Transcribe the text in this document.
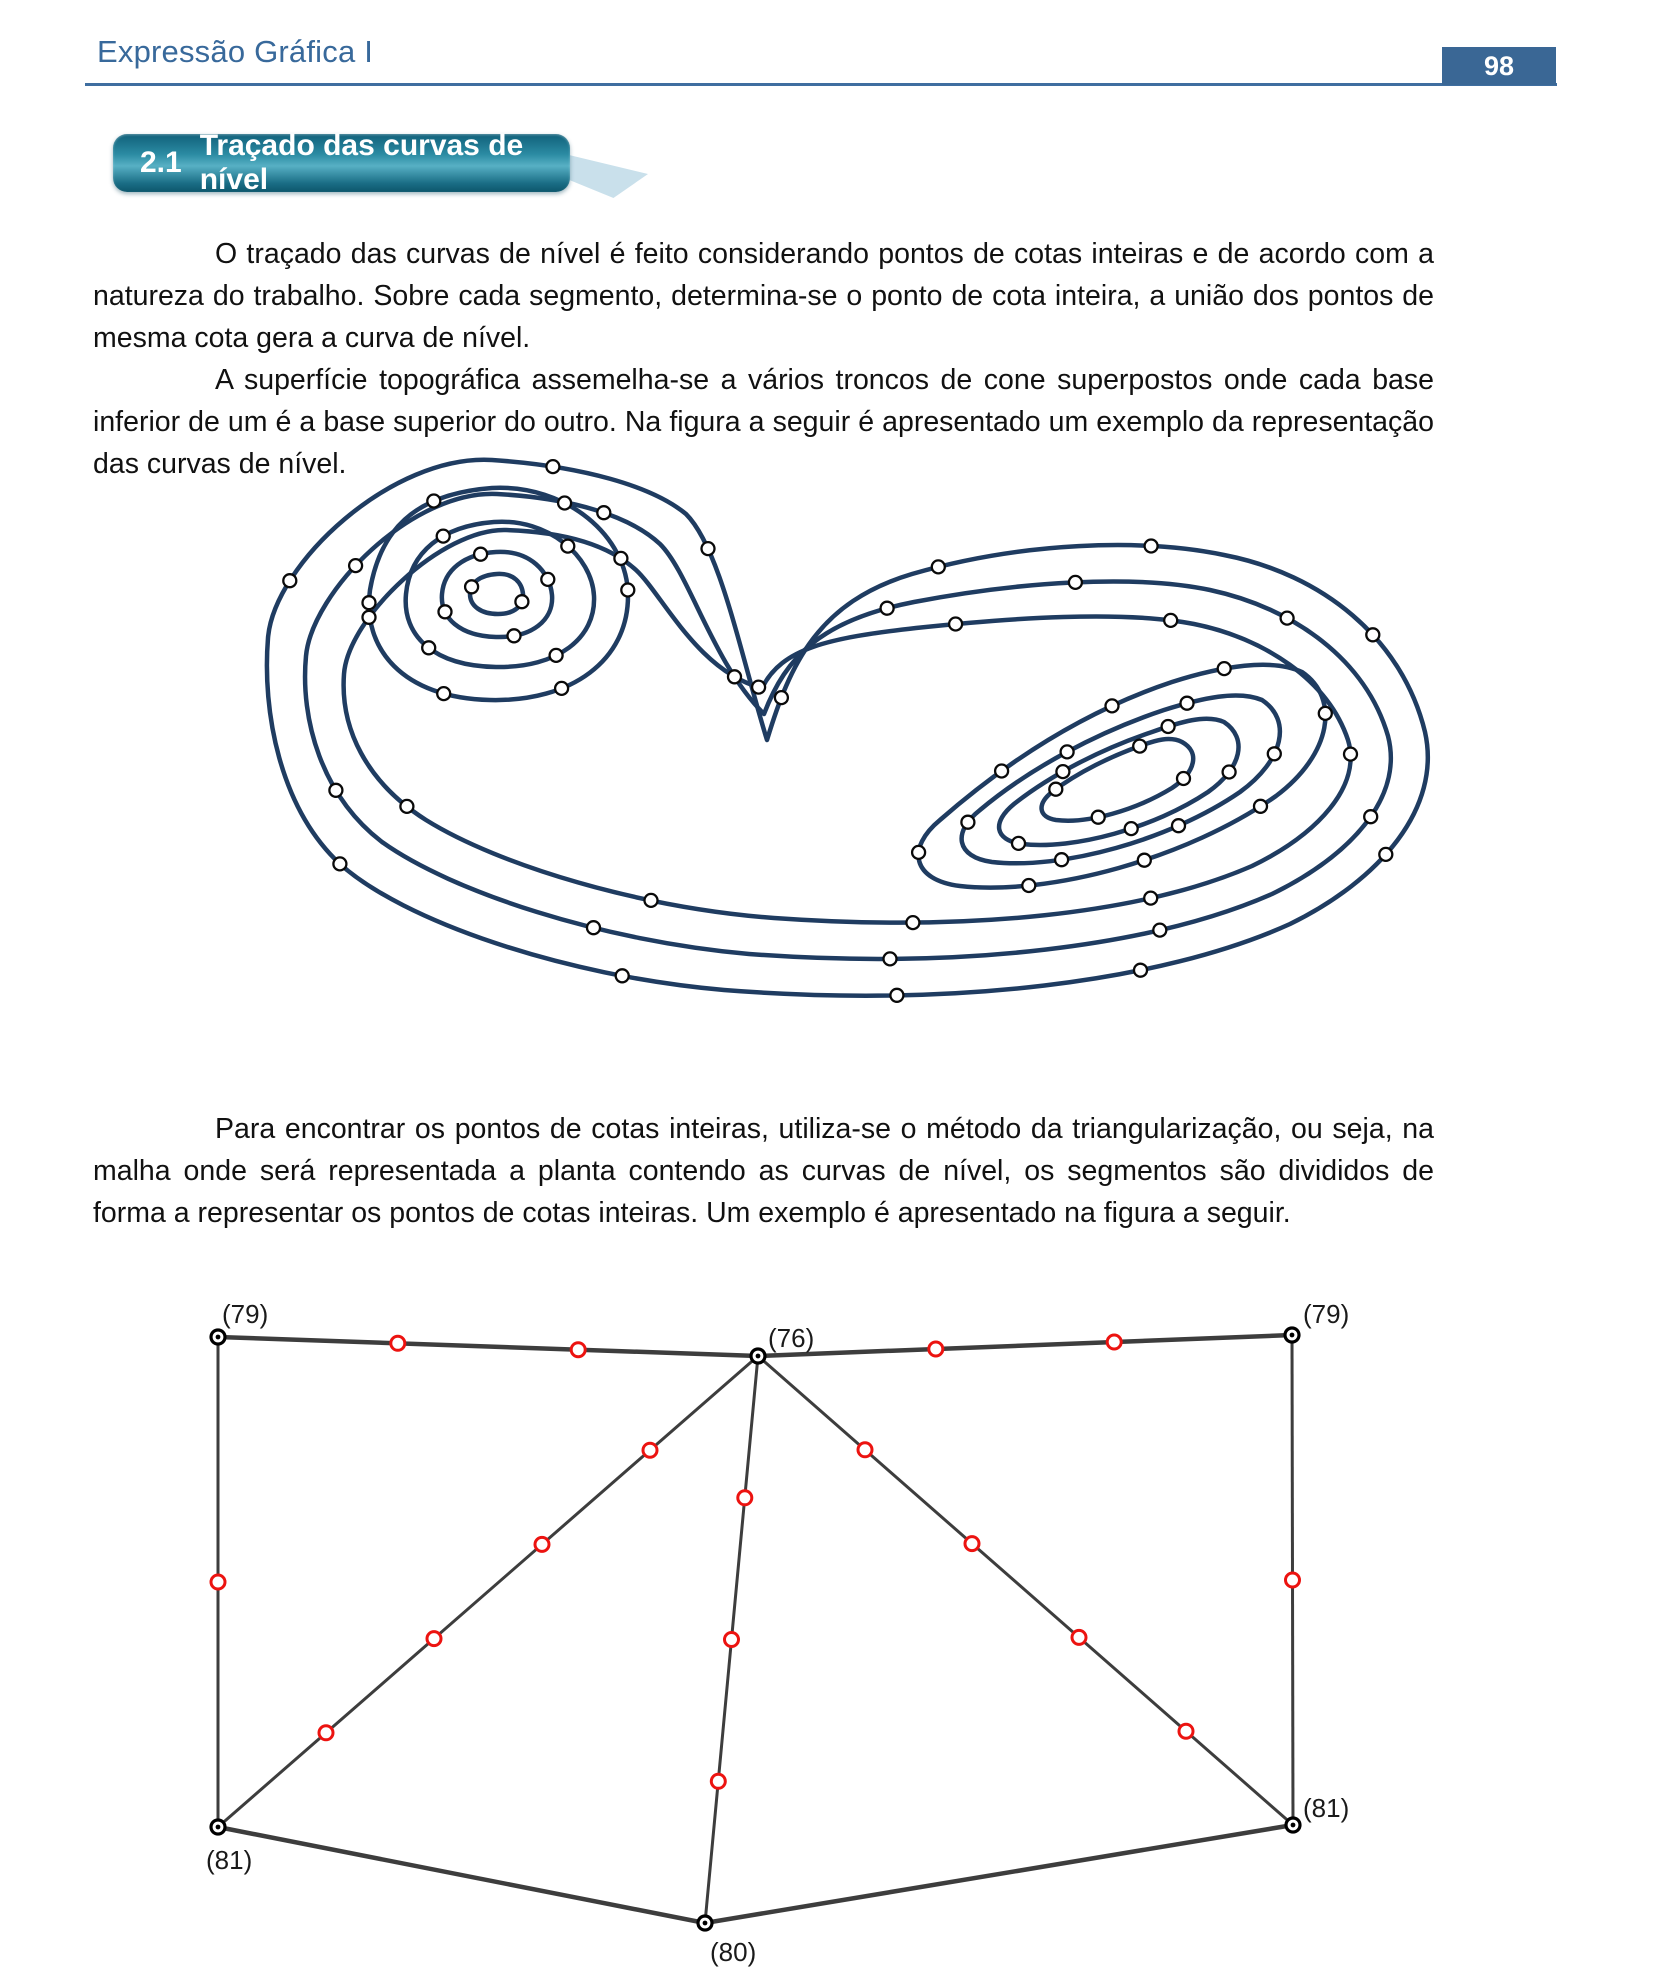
Expressão Gráfica I	98
2.1
Traçado das curvas de nível

O traçado das curvas de nível é feito considerando pontos de cotas inteiras e de acordo com a natureza do trabalho. Sobre cada segmento, determina-se o ponto de cota inteira, a união dos pontos de mesma cota gera a curva de nível.

A superfície topográfica assemelha-se a vários troncos de cone superpostos onde cada base inferior de um é a base superior do outro. Na figura a seguir é apresentado um exemplo da representação das curvas de nível.

Para encontrar os pontos de cotas inteiras, utiliza-se o método da triangularização, ou seja, na malha onde será representada a planta contendo as curvas de nível, os segmentos são divididos de forma a representar os pontos de cotas inteiras. Um exemplo é apresentado na figura a seguir.

(79)
(76)
(79)
(81)
(81)
(80)
